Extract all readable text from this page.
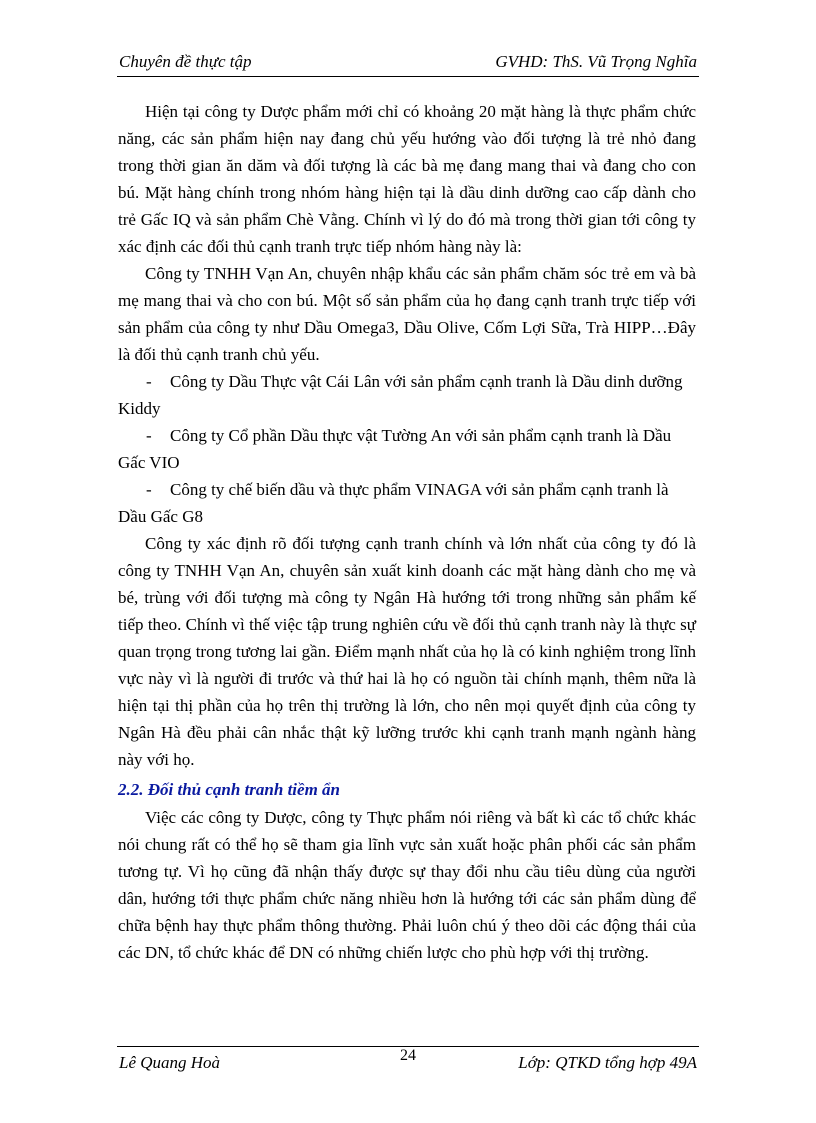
Chuyên đề thực tập	GVHD: ThS. Vũ Trọng Nghĩa

Hiện tại công ty Dược phẩm mới chỉ có khoảng 20 mặt hàng là thực phẩm chức năng, các sản phẩm hiện nay đang chủ yếu hướng vào đối tượng là trẻ nhỏ đang trong thời gian ăn dăm và đối tượng là các bà mẹ đang mang thai và đang cho con bú. Mặt hàng chính trong nhóm hàng hiện tại là dầu dinh dưỡng cao cấp dành cho trẻ Gấc IQ và sản phẩm Chè Vằng. Chính vì lý do đó mà trong thời gian tới công ty xác định các đối thủ cạnh tranh trực tiếp nhóm hàng này là:

Công ty TNHH Vạn An, chuyên nhập khẩu các sản phẩm chăm sóc trẻ em và bà mẹ mang thai và cho con bú. Một số sản phẩm của họ đang cạnh tranh trực tiếp với sản phẩm của công ty như Dầu Omega3, Dầu Olive, Cốm Lợi Sữa, Trà HIPP…Đây là đối thủ cạnh tranh chủ yếu.

-	Công ty Dầu Thực vật Cái Lân với sản phẩm cạnh tranh là Dầu dinh dưỡng

Kiddy

-	Công ty Cổ phần Dầu thực vật Tường An với sản phẩm cạnh tranh là Dầu

Gấc VIO

-	Công ty chế biến dầu và thực phẩm VINAGA với sản phẩm cạnh tranh là

Dầu Gấc G8

Công ty xác định rõ đối tượng cạnh tranh chính và lớn nhất của công ty đó là công ty TNHH Vạn An, chuyên sản xuất kinh doanh các mặt hàng dành cho mẹ và bé, trùng với đối tượng mà công ty Ngân Hà hướng tới trong những sản phẩm kế tiếp theo. Chính vì thế việc tập trung nghiên cứu về đối thủ cạnh tranh này là thực sự quan trọng trong tương lai gần. Điểm mạnh nhất của họ là có kinh nghiệm trong lĩnh vực này vì là người đi trước và thứ hai là họ có nguồn tài chính mạnh, thêm nữa là hiện tại thị phần của họ trên thị trường là lớn, cho nên mọi quyết định của công ty Ngân Hà đều phải cân nhắc thật kỹ lưỡng trước khi cạnh tranh mạnh ngành hàng này với họ.

2.2. Đối thủ cạnh tranh tiềm ẩn

Việc các công ty Dược, công ty Thực phẩm nói riêng và bất kì các tổ chức khác nói chung rất có thể họ sẽ tham gia lĩnh vực sản xuất hoặc phân phối các sản phẩm tương tự. Vì họ cũng đã nhận thấy được sự thay đổi nhu cầu tiêu dùng của người dân, hướng tới thực phẩm chức năng nhiều hơn là hướng tới các sản phẩm dùng để chữa bệnh hay thực phẩm thông thường. Phải luôn chú ý theo dõi các động thái của các DN, tổ chức khác để DN có những chiến lược cho phù hợp với thị trường.

Lê Quang Hoà	24	Lớp: QTKD tổng hợp 49A
